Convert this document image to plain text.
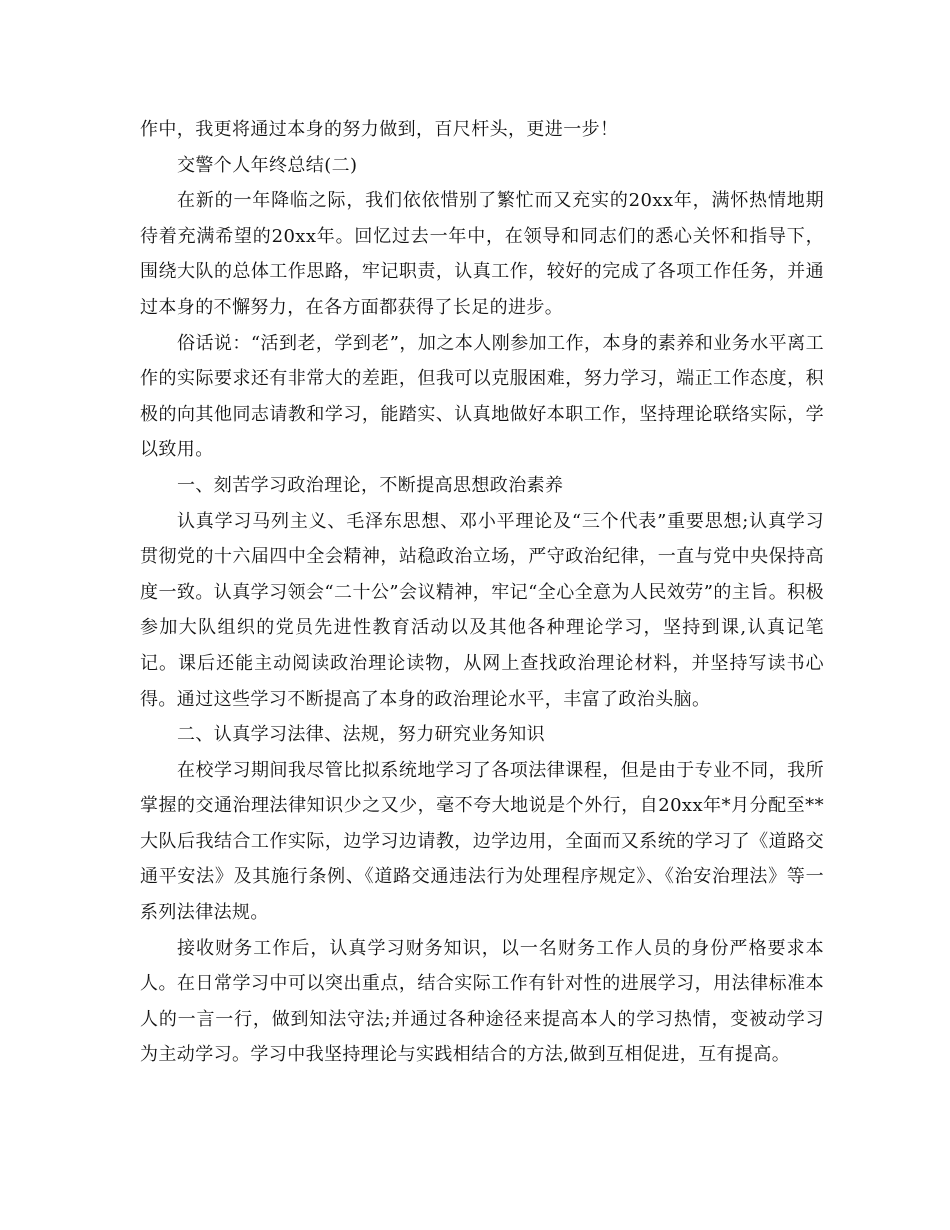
作中，我更将通过本身的努力做到，百尺杆头，更进一步！

交警个人年终总结(二)

在新的一年降临之际，我们依依惜别了繁忙而又充实的20xx年，满怀热情地期待着充满希望的20xx年。回忆过去一年中，在领导和同志们的悉心关怀和指导下，围绕大队的总体工作思路，牢记职责，认真工作，较好的完成了各项工作任务，并通过本身的不懈努力，在各方面都获得了长足的进步。

俗话说：“活到老，学到老”，加之本人刚参加工作，本身的素养和业务水平离工作的实际要求还有非常大的差距，但我可以克服困难，努力学习，端正工作态度，积极的向其他同志请教和学习，能踏实、认真地做好本职工作，坚持理论联络实际，学以致用。

一、刻苦学习政治理论，不断提高思想政治素养

认真学习马列主义、毛泽东思想、邓小平理论及“三个代表”重要思想;认真学习贯彻党的十六届四中全会精神，站稳政治立场，严守政治纪律，一直与党中央保持高度一致。认真学习领会“二十公”会议精神，牢记“全心全意为人民效劳”的主旨。积极参加大队组织的党员先进性教育活动以及其他各种理论学习，坚持到课,认真记笔记。课后还能主动阅读政治理论读物，从网上查找政治理论材料，并坚持写读书心得。通过这些学习不断提高了本身的政治理论水平，丰富了政治头脑。

二、认真学习法律、法规，努力研究业务知识

在校学习期间我尽管比拟系统地学习了各项法律课程，但是由于专业不同，我所掌握的交通治理法律知识少之又少，毫不夸大地说是个外行，自20xx年*月分配至**大队后我结合工作实际，边学习边请教，边学边用，全面而又系统的学习了《道路交通平安法》及其施行条例、《道路交通违法行为处理程序规定》、《治安治理法》等一系列法律法规。

接收财务工作后，认真学习财务知识，以一名财务工作人员的身份严格要求本人。在日常学习中可以突出重点，结合实际工作有针对性的进展学习，用法律标准本人的一言一行，做到知法守法;并通过各种途径来提高本人的学习热情，变被动学习为主动学习。学习中我坚持理论与实践相结合的方法,做到互相促进，互有提高。
